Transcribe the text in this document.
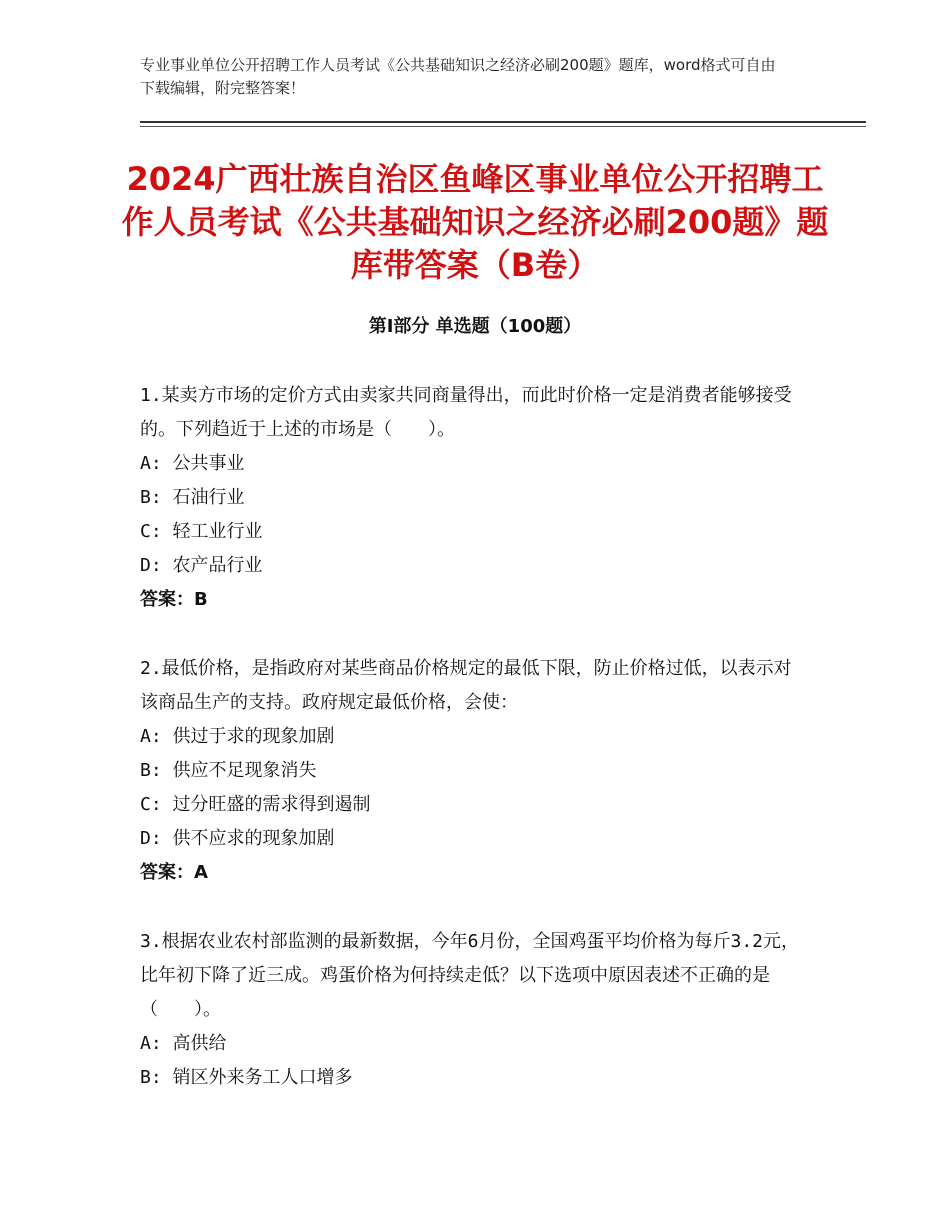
专业事业单位公开招聘工作人员考试《公共基础知识之经济必刷200题》题库，word格式可自由下载编辑，附完整答案！
2024广西壮族自治区鱼峰区事业单位公开招聘工作人员考试《公共基础知识之经济必刷200题》题库带答案（B卷）
第Ⅰ部分 单选题（100题）

1.某卖方市场的定价方式由卖家共同商量得出，而此时价格一定是消费者能够接受的。下列趋近于上述的市场是（　　）。

A: 公共事业

B: 石油行业

C: 轻工业行业

D: 农产品行业

答案：B

2.最低价格，是指政府对某些商品价格规定的最低下限，防止价格过低，以表示对该商品生产的支持。政府规定最低价格，会使：

A: 供过于求的现象加剧

B: 供应不足现象消失

C: 过分旺盛的需求得到遏制

D: 供不应求的现象加剧

答案：A

3.根据农业农村部监测的最新数据，今年6月份，全国鸡蛋平均价格为每斤3.2元，比年初下降了近三成。鸡蛋价格为何持续走低？以下选项中原因表述不正确的是（　　）。

A: 高供给

B: 销区外来务工人口增多
